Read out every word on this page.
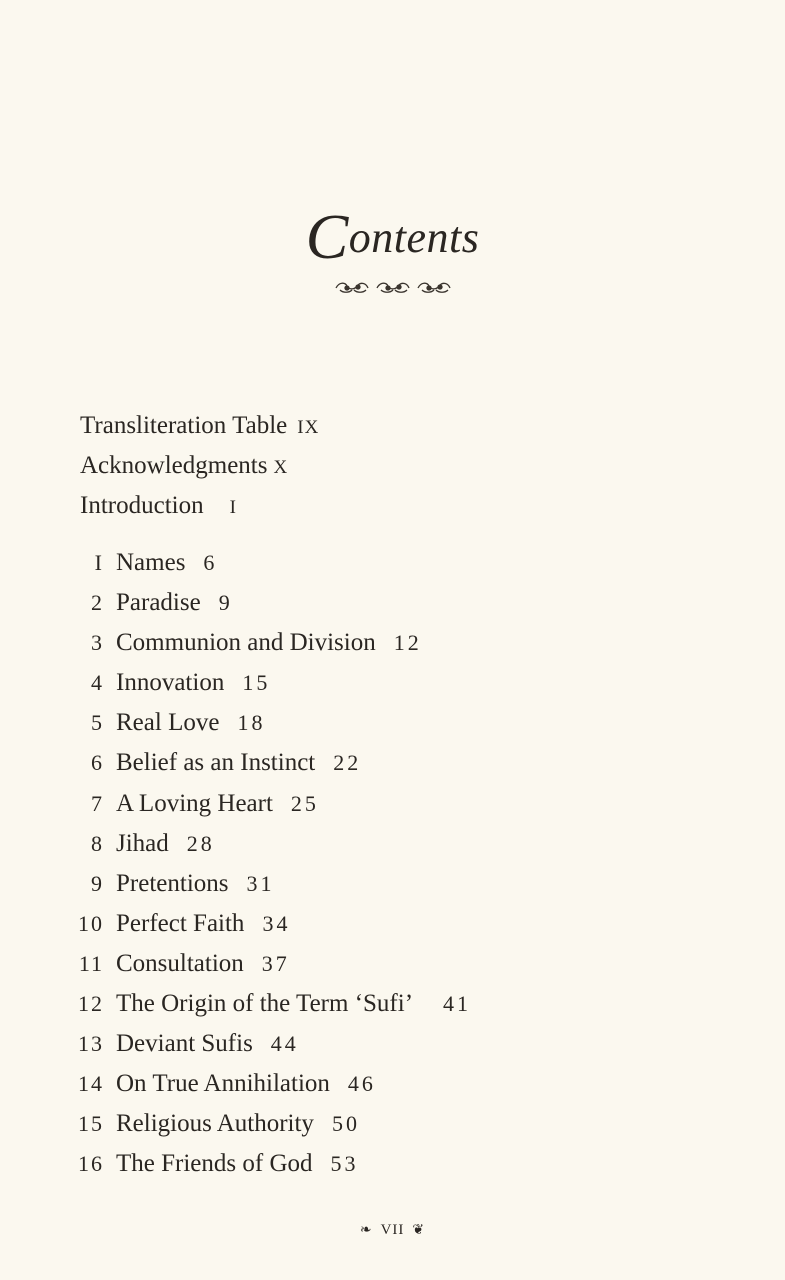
Contents
Transliteration Table IX
Acknowledgments X
Introduction I
I Names 6
2 Paradise 9
3 Communion and Division 12
4 Innovation 15
5 Real Love 18
6 Belief as an Instinct 22
7 A Loving Heart 25
8 Jihad 28
9 Pretentions 31
10 Perfect Faith 34
11 Consultation 37
12 The Origin of the Term ‘Sufi’ 41
13 Deviant Sufis 44
14 On True Annihilation 46
15 Religious Authority 50
16 The Friends of God 53
❧ VII ❦
